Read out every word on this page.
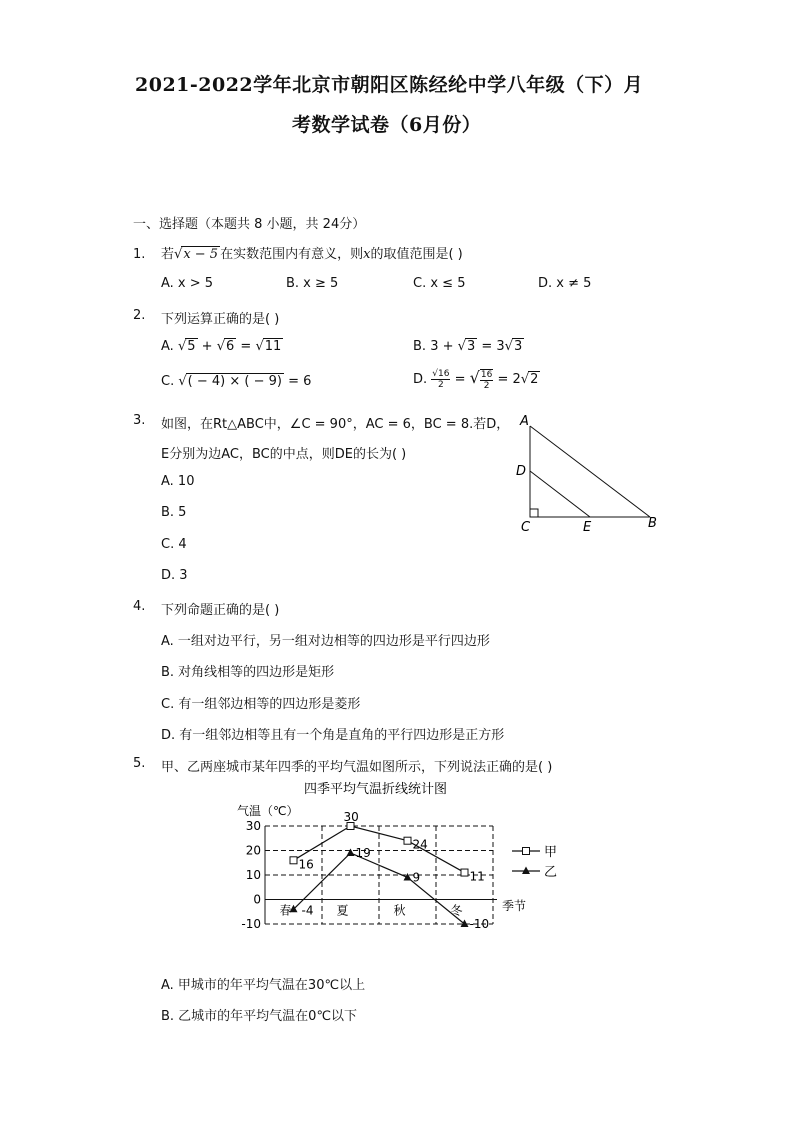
2021-2022学年北京市朝阳区陈经纶中学八年级（下）月
考数学试卷（6月份）
一、选择题（本题共 8 小题，共 24分）
1. 若√x − 5 在实数范围内有意义，则x的取值范围是( )
A. x > 5	B. x ≥ 5	C. x ≤ 5	D. x ≠ 5
2. 下列运算正确的是( )
A. √5 + √6 = √11	B. 3 + √3 = 3√3
C. √( − 4) × ( − 9) = 6	D. $\frac{√16}{2}$ = √ $\frac{16}{2} = 2√2$
3. 如图，在Rt△ABC中，∠C = 90°，AC = 6，BC = 8.若D，
E分别为边AC，BC的中点，则DE的长为( )
A. 10
B. 5
C. 4
D. 3
A
D
C	E	B
4. 下列命题正确的是( )
A. 一组对边平行，另一组对边相等的四边形是平行四边形
B. 对角线相等的四边形是矩形
C. 有一组邻边相等的四边形是菱形
D. 有一组邻边相等且有一个角是直角的平行四边形是正方形
5. 甲、乙两座城市某年四季的平均气温如图所示，下列说法正确的是( )
四季平均气温折线统计图
气温（℃）
季节
30
20
10
0
-10
春	夏	秋	冬
16
30
24
11
-4
19
9
-10
甲
乙
A. 甲城市的年平均气温在30℃以上
B. 乙城市的年平均气温在0℃以下
